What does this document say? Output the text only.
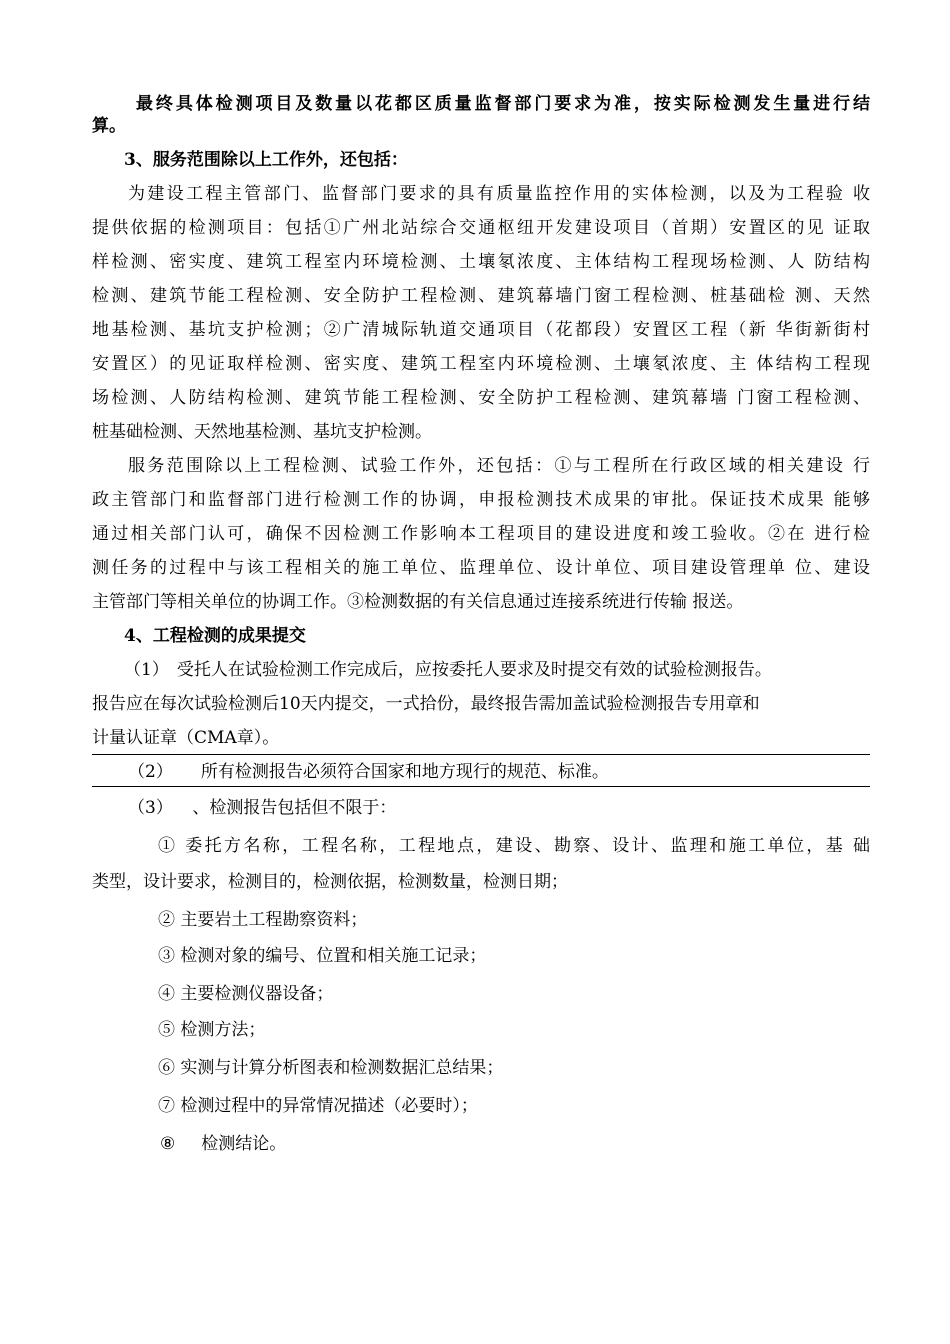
最终具体检测项目及数量以花都区质量监督部门要求为准，按实际检测发生量进行结
算。
3、服务范围除以上工作外，还包括：
为建设工程主管部门、监督部门要求的具有质量监控作用的实体检测，以及为工程验 收
提供依据的检测项目：包括①广州北站综合交通枢纽开发建设项目（首期）安置区的见 证取
样检测、密实度、建筑工程室内环境检测、土壤氡浓度、主体结构工程现场检测、人 防结构
检测、建筑节能工程检测、安全防护工程检测、建筑幕墙门窗工程检测、桩基础检 测、天然
地基检测、基坑支护检测；②广清城际轨道交通项目（花都段）安置区工程（新 华街新街村
安置区）的见证取样检测、密实度、建筑工程室内环境检测、土壤氡浓度、主 体结构工程现
场检测、人防结构检测、建筑节能工程检测、安全防护工程检测、建筑幕墙 门窗工程检测、
桩基础检测、天然地基检测、基坑支护检测。
服务范围除以上工程检测、试验工作外，还包括：①与工程所在行政区域的相关建设 行
政主管部门和监督部门进行检测工作的协调，申报检测技术成果的审批。保证技术成果 能够
通过相关部门认可，确保不因检测工作影响本工程项目的建设进度和竣工验收。②在 进行检
测任务的过程中与该工程相关的施工单位、监理单位、设计单位、项目建设管理单 位、建设
主管部门等相关单位的协调工作。③检测数据的有关信息通过连接系统进行传输 报送。
4、工程检测的成果提交
（1） 受托人在试验检测工作完成后，应按委托人要求及时提交有效的试验检测报告。
报告应在每次试验检测后10天内提交，一式拾份，最终报告需加盖试验检测报告专用章和
计量认证章（CMA章）。
（2） 所有检测报告必须符合国家和地方现行的规范、标准。
（3） 、检测报告包括但不限于：
① 委托方名称，工程名称，工程地点，建设、勘察、设计、监理和施工单位，基 础
类型，设计要求，检测目的，检测依据，检测数量，检测日期；
② 主要岩土工程勘察资料；
③ 检测对象的编号、位置和相关施工记录；
④ 主要检测仪器设备；
⑤ 检测方法；
⑥ 实测与计算分析图表和检测数据汇总结果；
⑦ 检测过程中的异常情况描述（必要时）；
⑧ 检测结论。
